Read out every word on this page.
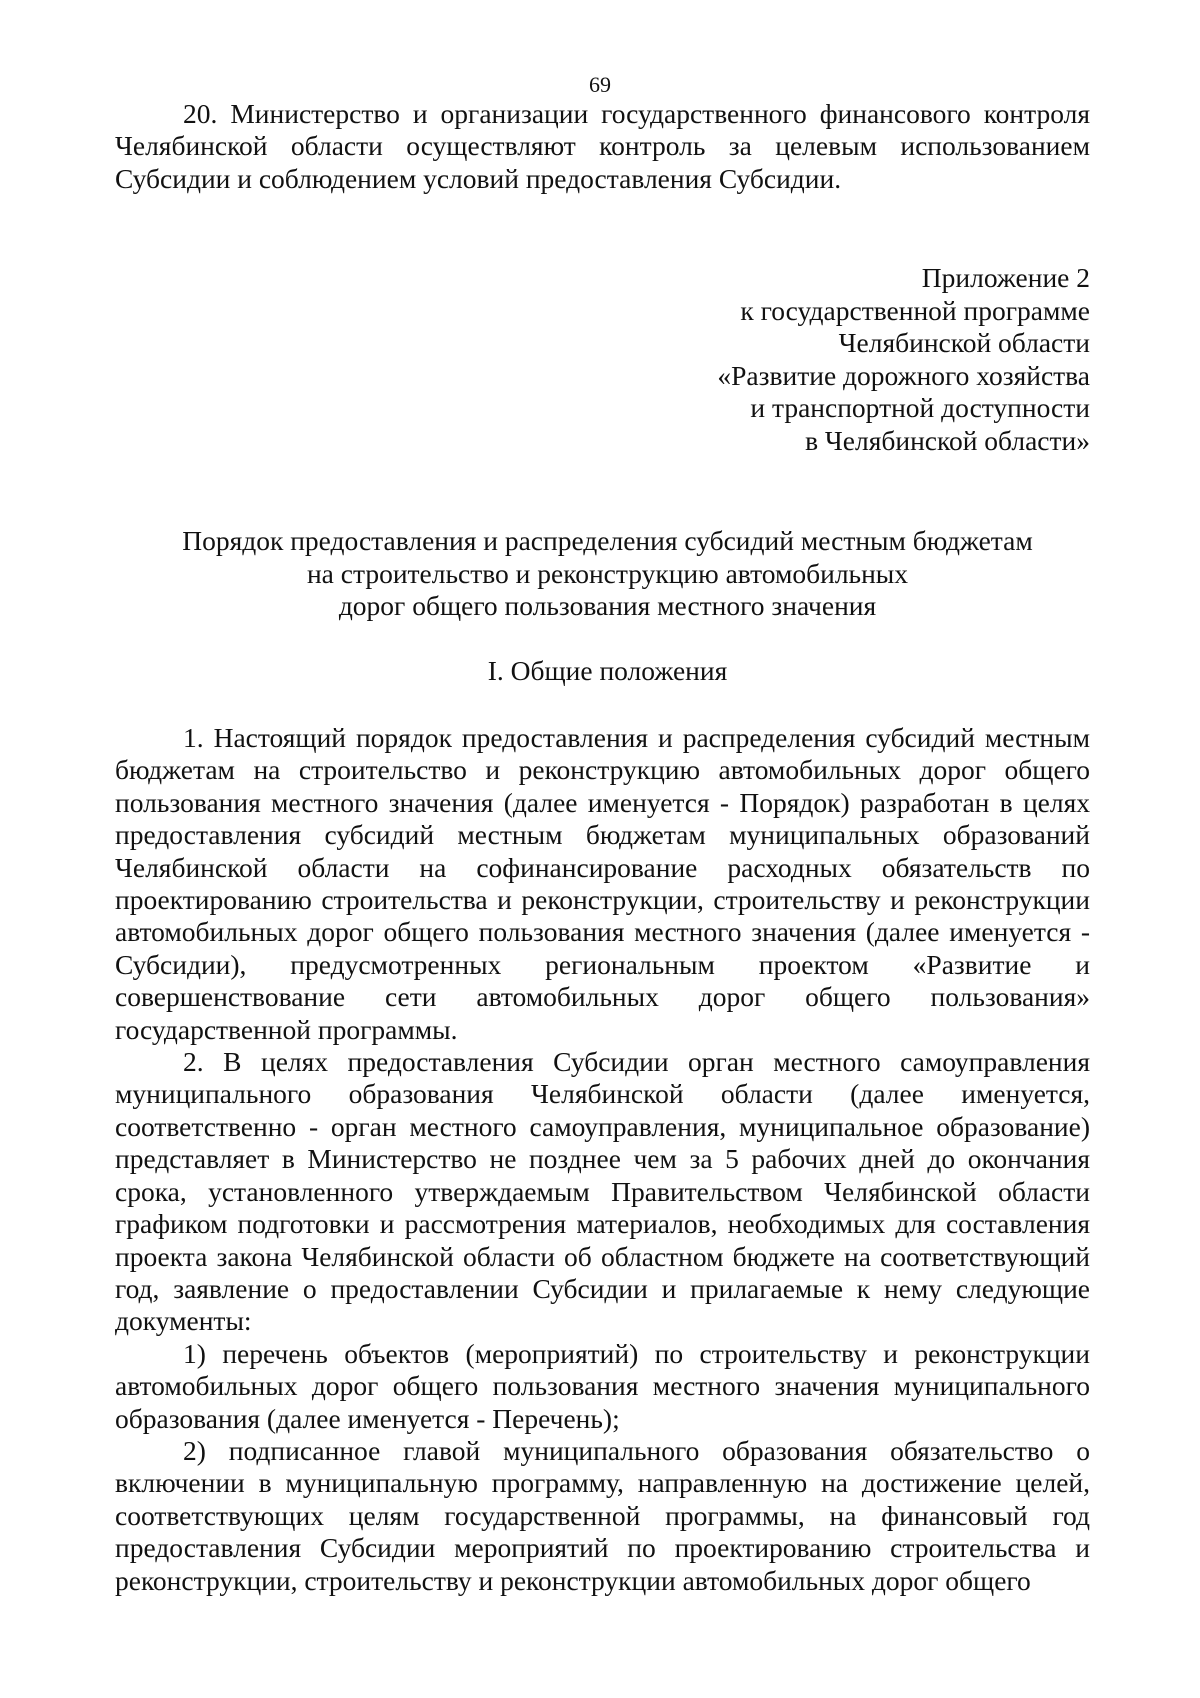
69

20. Министерство и организации государственного финансового контроля Челябинской области осуществляют контроль за целевым использованием Субсидии и соблюдением условий предоставления Субсидии.

Приложение 2
к государственной программе
Челябинской области
«Развитие дорожного хозяйства
и транспортной доступности
в Челябинской области»
Порядок предоставления и распределения субсидий местным бюджетам
на строительство и реконструкцию автомобильных
дорог общего пользования местного значения
I. Общие положения

1. Настоящий порядок предоставления и распределения субсидий местным бюджетам на строительство и реконструкцию автомобильных дорог общего пользования местного значения (далее именуется - Порядок) разработан в целях предоставления субсидий местным бюджетам муниципальных образований Челябинской области на софинансирование расходных обязательств по проектированию строительства и реконструкции, строительству и реконструкции автомобильных дорог общего пользования местного значения (далее именуется - Субсидии), предусмотренных региональным проектом «Развитие и совершенствование сети автомобильных дорог общего пользования» государственной программы.

2. В целях предоставления Субсидии орган местного самоуправления муниципального образования Челябинской области (далее именуется, соответственно - орган местного самоуправления, муниципальное образование) представляет в Министерство не позднее чем за 5 рабочих дней до окончания срока, установленного утверждаемым Правительством Челябинской области графиком подготовки и рассмотрения материалов, необходимых для составления проекта закона Челябинской области об областном бюджете на соответствующий год, заявление о предоставлении Субсидии и прилагаемые к нему следующие документы:

1) перечень объектов (мероприятий) по строительству и реконструкции автомобильных дорог общего пользования местного значения муниципального образования (далее именуется - Перечень);

2) подписанное главой муниципального образования обязательство о включении в муниципальную программу, направленную на достижение целей, соответствующих целям государственной программы, на финансовый год предоставления Субсидии мероприятий по проектированию строительства и реконструкции, строительству и реконструкции автомобильных дорог общего
